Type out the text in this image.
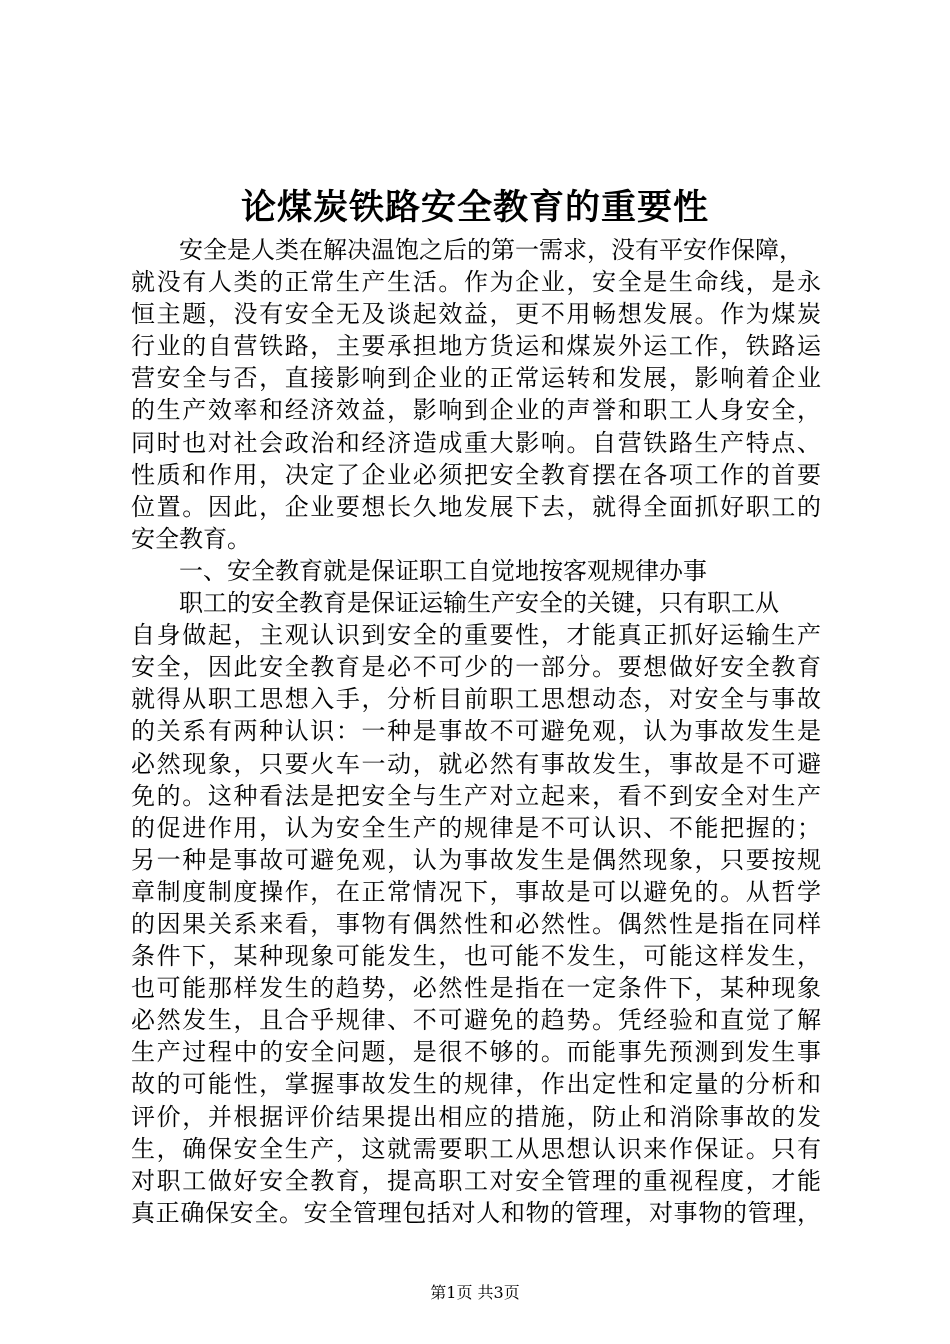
论煤炭铁路安全教育的重要性
安全是人类在解决温饱之后的第一需求，没有平安作保障，
就没有人类的正常生产生活。作为企业，安全是生命线，是永
恒主题，没有安全无及谈起效益，更不用畅想发展。作为煤炭
行业的自营铁路，主要承担地方货运和煤炭外运工作，铁路运
营安全与否，直接影响到企业的正常运转和发展，影响着企业
的生产效率和经济效益，影响到企业的声誉和职工人身安全，
同时也对社会政治和经济造成重大影响。自营铁路生产特点、
性质和作用，决定了企业必须把安全教育摆在各项工作的首要
位置。因此，企业要想长久地发展下去，就得全面抓好职工的
安全教育。
一、安全教育就是保证职工自觉地按客观规律办事
职工的安全教育是保证运输生产安全的关键，只有职工从
自身做起，主观认识到安全的重要性，才能真正抓好运输生产
安全，因此安全教育是必不可少的一部分。要想做好安全教育
就得从职工思想入手，分析目前职工思想动态，对安全与事故
的关系有两种认识：一种是事故不可避免观，认为事故发生是
必然现象，只要火车一动，就必然有事故发生，事故是不可避
免的。这种看法是把安全与生产对立起来，看不到安全对生产
的促进作用，认为安全生产的规律是不可认识、不能把握的；
另一种是事故可避免观，认为事故发生是偶然现象，只要按规
章制度制度操作，在正常情况下，事故是可以避免的。从哲学
的因果关系来看，事物有偶然性和必然性。偶然性是指在同样
条件下，某种现象可能发生，也可能不发生，可能这样发生，
也可能那样发生的趋势，必然性是指在一定条件下，某种现象
必然发生，且合乎规律、不可避免的趋势。凭经验和直觉了解
生产过程中的安全问题，是很不够的。而能事先预测到发生事
故的可能性，掌握事故发生的规律，作出定性和定量的分析和
评价，并根据评价结果提出相应的措施，防止和消除事故的发
生，确保安全生产，这就需要职工从思想认识来作保证。只有
对职工做好安全教育，提高职工对安全管理的重视程度，才能
真正确保安全。安全管理包括对人和物的管理，对事物的管理，
第1页 共3页
